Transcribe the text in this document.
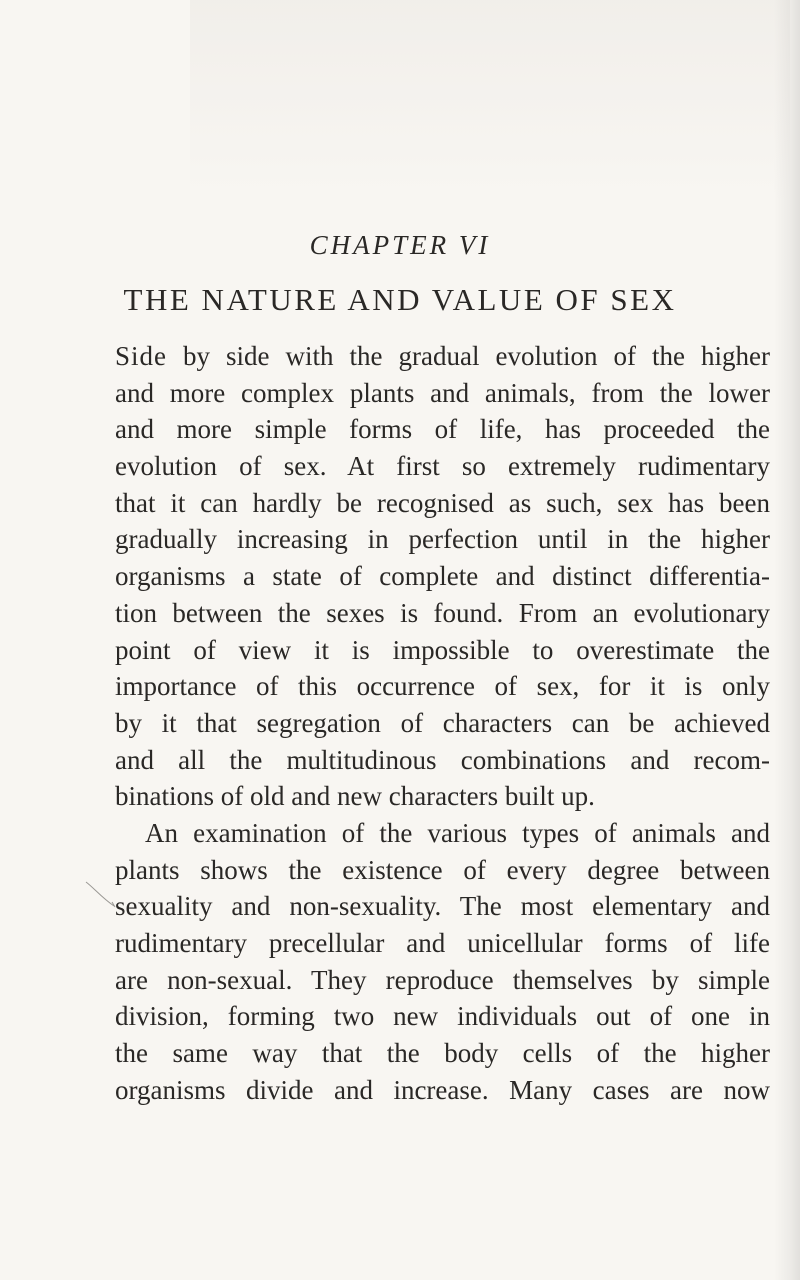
CHAPTER VI
THE NATURE AND VALUE OF SEX
Side by side with the gradual evolution of the higher
and more complex plants and animals, from the lower
and more simple forms of life, has proceeded the
evolution of sex. At first so extremely rudimentary
that it can hardly be recognised as such, sex has been
gradually increasing in perfection until in the higher
organisms a state of complete and distinct differentia-
tion between the sexes is found. From an evolutionary
point of view it is impossible to overestimate the
importance of this occurrence of sex, for it is only
by it that segregation of characters can be achieved
and all the multitudinous combinations and recom-
binations of old and new characters built up.
An examination of the various types of animals and
plants shows the existence of every degree between
sexuality and non-sexuality. The most elementary and
rudimentary precellular and unicellular forms of life
are non-sexual. They reproduce themselves by simple
division, forming two new individuals out of one in
the same way that the body cells of the higher
organisms divide and increase. Many cases are now
